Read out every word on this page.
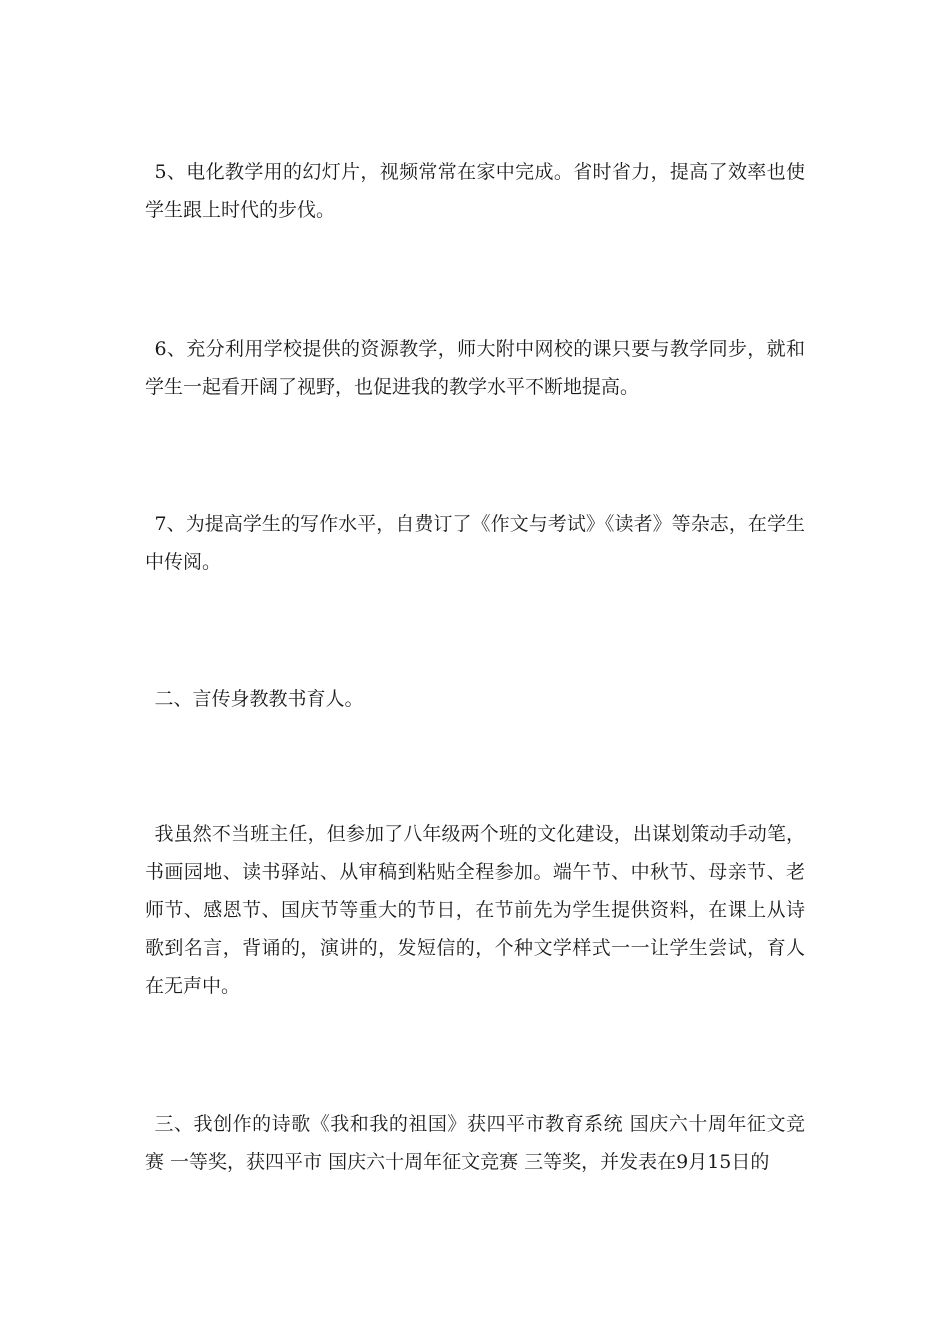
5、电化教学用的幻灯片，视频常常在家中完成。省时省力，提高了效率也使学生跟上时代的步伐。

6、充分利用学校提供的资源教学，师大附中网校的课只要与教学同步，就和学生一起看开阔了视野，也促进我的教学水平不断地提高。

7、为提高学生的写作水平，自费订了《作文与考试》《读者》等杂志，在学生中传阅。

二、言传身教教书育人。

我虽然不当班主任，但参加了八年级两个班的文化建设，出谋划策动手动笔，书画园地、读书驿站、从审稿到粘贴全程参加。端午节、中秋节、母亲节、老师节、感恩节、国庆节等重大的节日，在节前先为学生提供资料，在课上从诗歌到名言，背诵的，演讲的，发短信的，个种文学样式一一让学生尝试，育人在无声中。

三、我创作的诗歌《我和我的祖国》获四平市教育系统 国庆六十周年征文竞赛 一等奖，获四平市 国庆六十周年征文竞赛 三等奖，并发表在9月15日的
